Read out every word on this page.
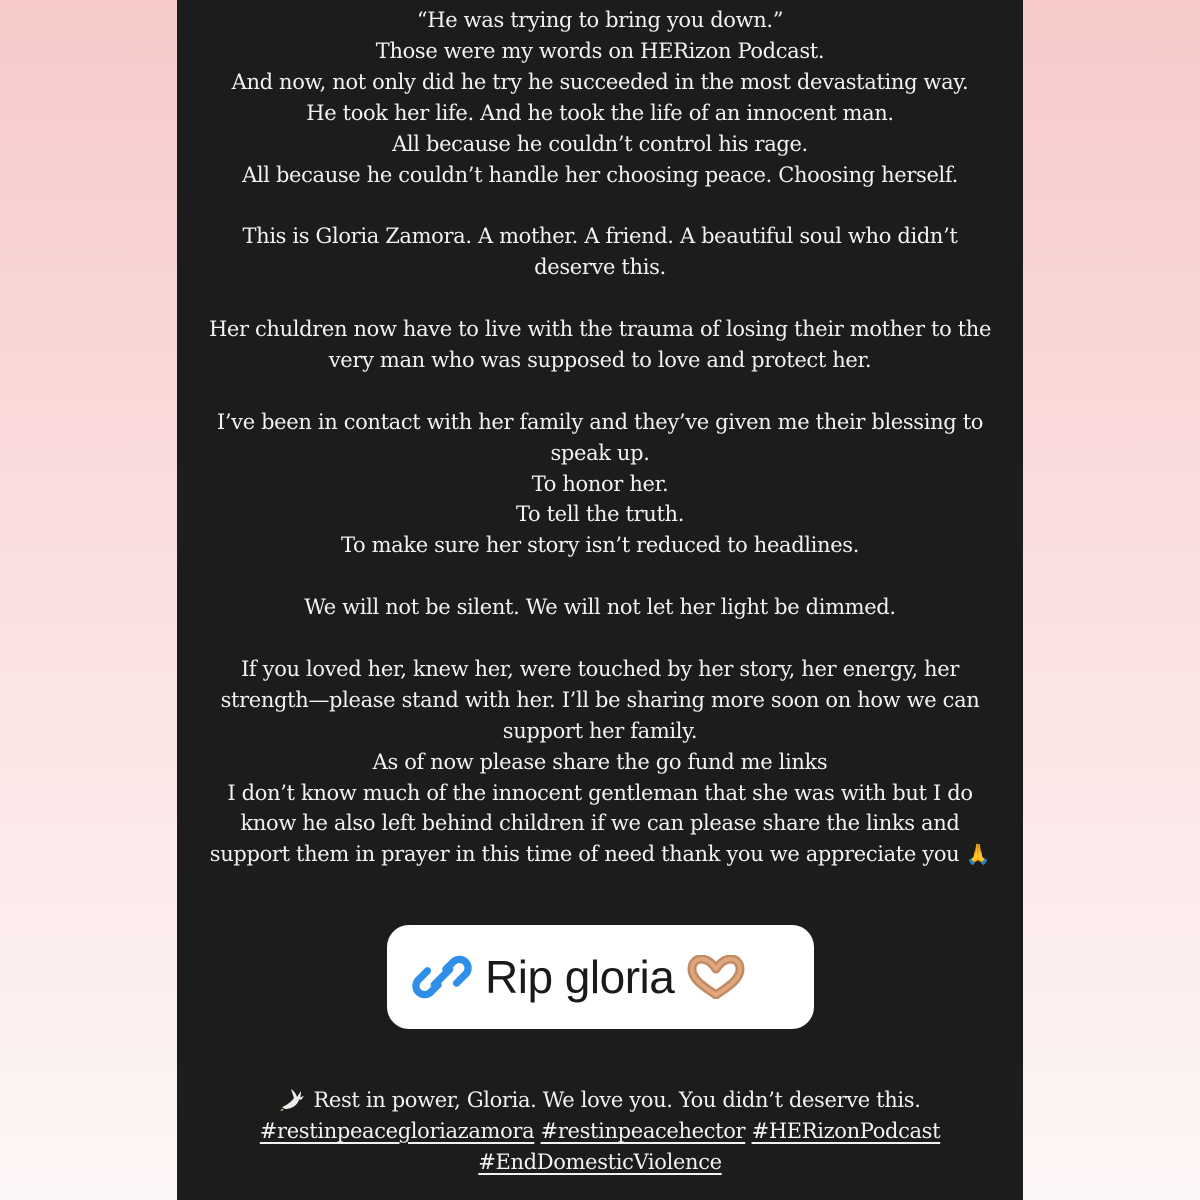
“He was trying to bring you down.”
Those were my words on HERizon Podcast.
And now, not only did he try he succeeded in the most devastating way.
He took her life. And he took the life of an innocent man.
All because he couldn’t control his rage.
All because he couldn’t handle her choosing peace. Choosing herself.
This is Gloria Zamora. A mother. A friend. A beautiful soul who didn’t
deserve this.
Her chuldren now have to live with the trauma of losing their mother to the
very man who was supposed to love and protect her.
I’ve been in contact with her family and they’ve given me their blessing to
speak up.
To honor her.
To tell the truth.
To make sure her story isn’t reduced to headlines.
We will not be silent. We will not let her light be dimmed.
If you loved her, knew her, were touched by her story, her energy, her
strength—please stand with her. I’ll be sharing more soon on how we can
support her family.
As of now please share the go fund me links
I don’t know much of the innocent gentleman that she was with but I do
know he also left behind children if we can please share the links and
support them in prayer in this time of need thank you we appreciate you 🙏
Rip gloria
Rest in power, Gloria. We love you. You didn’t deserve this.
#restinpeacegloriazamora #restinpeacehector #HERizonPodcast
#EndDomesticViolence
